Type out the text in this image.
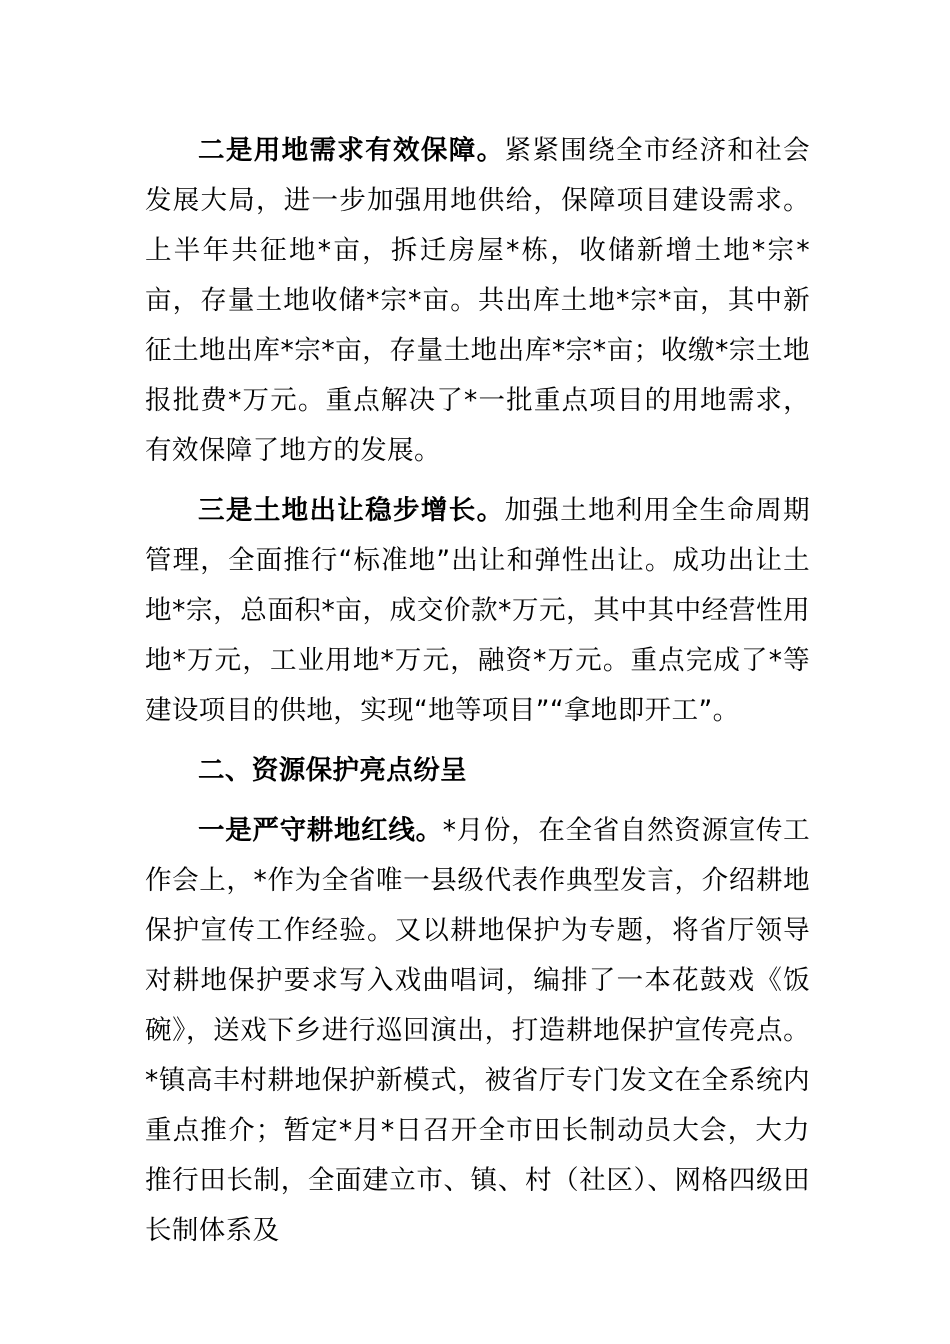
二是用地需求有效保障。紧紧围绕全市经济和社会发展大局，进一步加强用地供给，保障项目建设需求。上半年共征地*亩，拆迁房屋*栋，收储新增土地*宗*亩，存量土地收储*宗*亩。共出库土地*宗*亩，其中新征土地出库*宗*亩，存量土地出库*宗*亩；收缴*宗土地报批费*万元。重点解决了*一批重点项目的用地需求，有效保障了地方的发展。

三是土地出让稳步增长。加强土地利用全生命周期管理，全面推行“标准地”出让和弹性出让。成功出让土地*宗，总面积*亩，成交价款*万元，其中其中经营性用地*万元，工业用地*万元，融资*万元。重点完成了*等建设项目的供地，实现“地等项目”“拿地即开工”。

二、资源保护亮点纷呈

一是严守耕地红线。*月份，在全省自然资源宣传工作会上，*作为全省唯一县级代表作典型发言，介绍耕地保护宣传工作经验。又以耕地保护为专题，将省厅领导对耕地保护要求写入戏曲唱词，编排了一本花鼓戏《饭碗》，送戏下乡进行巡回演出，打造耕地保护宣传亮点。*镇高丰村耕地保护新模式，被省厅专门发文在全系统内重点推介；暂定*月*日召开全市田长制动员大会，大力推行田长制，全面建立市、镇、村（社区）、网格四级田长制体系及
